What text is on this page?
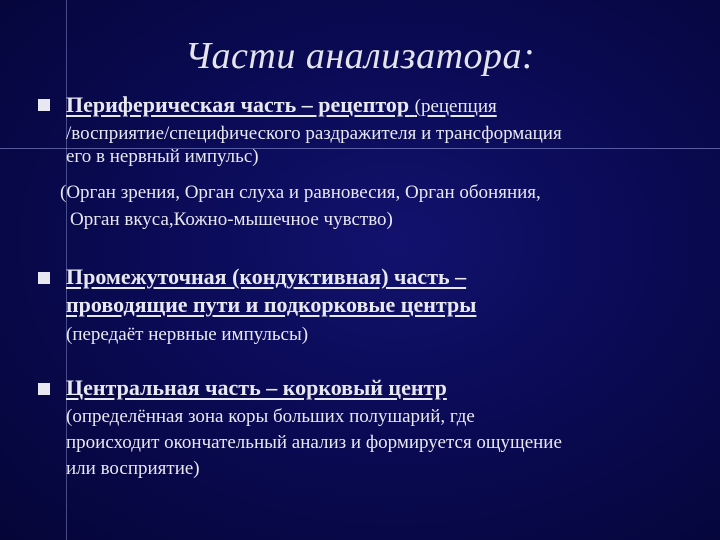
Части анализатора:
Периферическая часть – рецептор (рецепция
/восприятие/специфического раздражителя и трансформация
его в нервный импульс)
(Орган зрения, Орган слуха и равновесия, Орган обоняния,
Орган вкуса,Кожно-мышечное чувство)
Промежуточная (кондуктивная) часть –
проводящие пути и подкорковые центры
(передаёт нервные импульсы)
Центральная часть – корковый центр
(определённая зона коры больших полушарий, где
происходит окончательный анализ и формируется ощущение
или восприятие)
